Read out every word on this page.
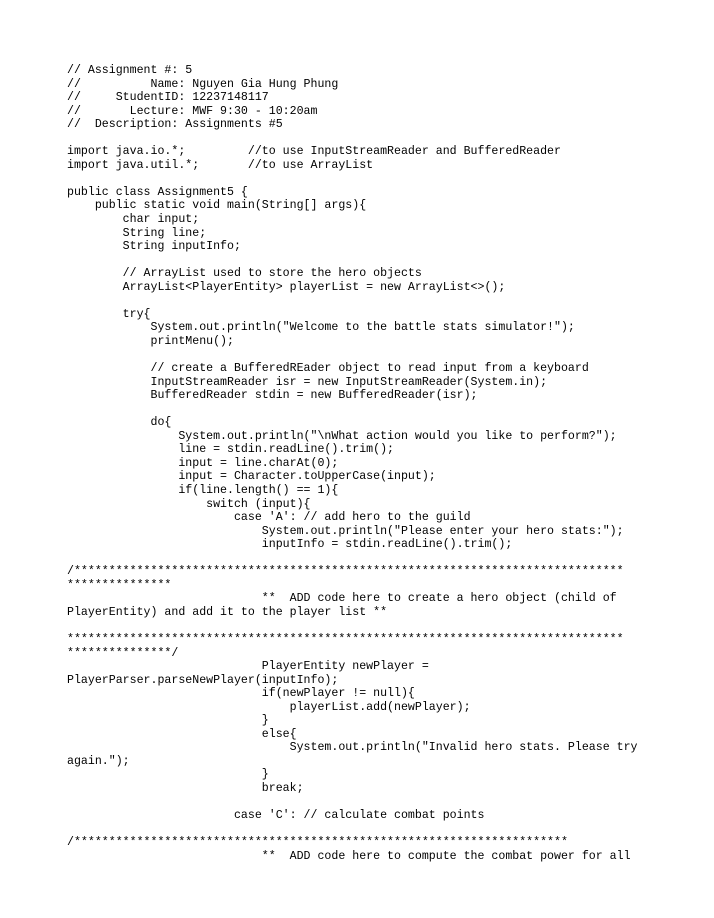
// Assignment #: 5
//          Name: Nguyen Gia Hung Phung
//     StudentID: 12237148117
//       Lecture: MWF 9:30 - 10:20am
//  Description: Assignments #5
import java.io.*;         //to use InputStreamReader and BufferedReader
import java.util.*;       //to use ArrayList
public class Assignment5 {
public static void main(String[] args){
char input;
String line;
String inputInfo;
// ArrayList used to store the hero objects
ArrayList<PlayerEntity> playerList = new ArrayList<>();
try{
System.out.println("Welcome to the battle stats simulator!");
printMenu();
// create a BufferedREader object to read input from a keyboard
InputStreamReader isr = new InputStreamReader(System.in);
BufferedReader stdin = new BufferedReader(isr);
do{
System.out.println("\nWhat action would you like to perform?");
line = stdin.readLine().trim();
input = line.charAt(0);
input = Character.toUpperCase(input);
if(line.length() == 1){
switch (input){
case 'A': // add hero to the guild
System.out.println("Please enter your hero stats:");
inputInfo = stdin.readLine().trim();
/*******************************************************************************
***************
**  ADD code here to create a hero object (child of
PlayerEntity) and add it to the player list **
********************************************************************************
***************/
PlayerEntity newPlayer =
PlayerParser.parseNewPlayer(inputInfo);
if(newPlayer != null){
playerList.add(newPlayer);
}
else{
System.out.println("Invalid hero stats. Please try
again.");
}
break;
case 'C': // calculate combat points
/***********************************************************************
**  ADD code here to compute the combat power for all
